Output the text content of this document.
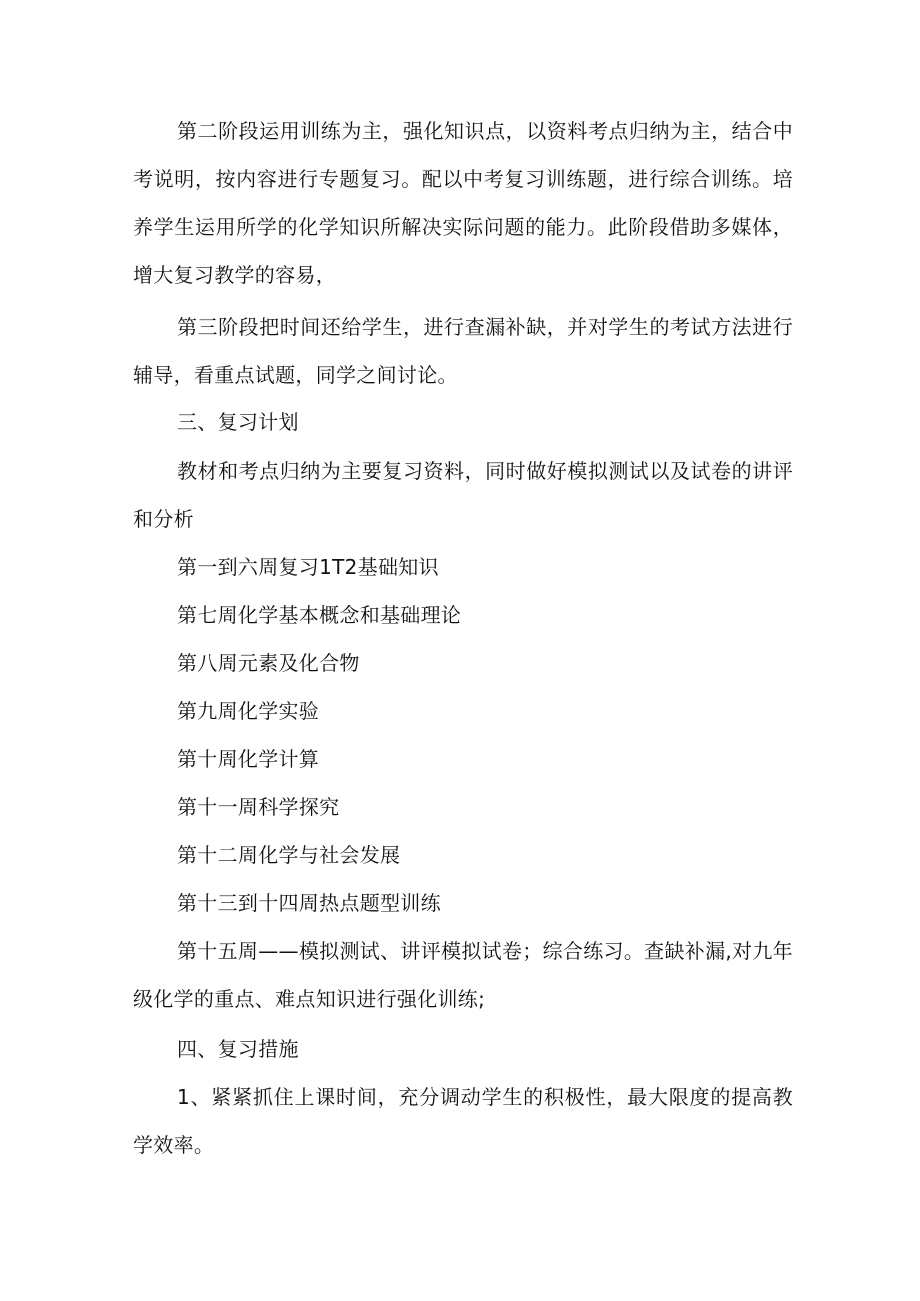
第二阶段运用训练为主，强化知识点，以资料考点归纳为主，结合中考说明，按内容进行专题复习。配以中考复习训练题，进行综合训练。培养学生运用所学的化学知识所解决实际问题的能力。此阶段借助多媒体，增大复习教学的容易，

第三阶段把时间还给学生，进行查漏补缺，并对学生的考试方法进行辅导，看重点试题，同学之间讨论。

三、复习计划

教材和考点归纳为主要复习资料，同时做好模拟测试以及试卷的讲评和分析

第一到六周复习1T2基础知识

第七周化学基本概念和基础理论

第八周元素及化合物

第九周化学实验

第十周化学计算

第十一周科学探究

第十二周化学与社会发展

第十三到十四周热点题型训练

第十五周——模拟测试、讲评模拟试卷；综合练习。查缺补漏,对九年级化学的重点、难点知识进行强化训练;

四、复习措施

1、紧紧抓住上课时间，充分调动学生的积极性，最大限度的提高教学效率。
